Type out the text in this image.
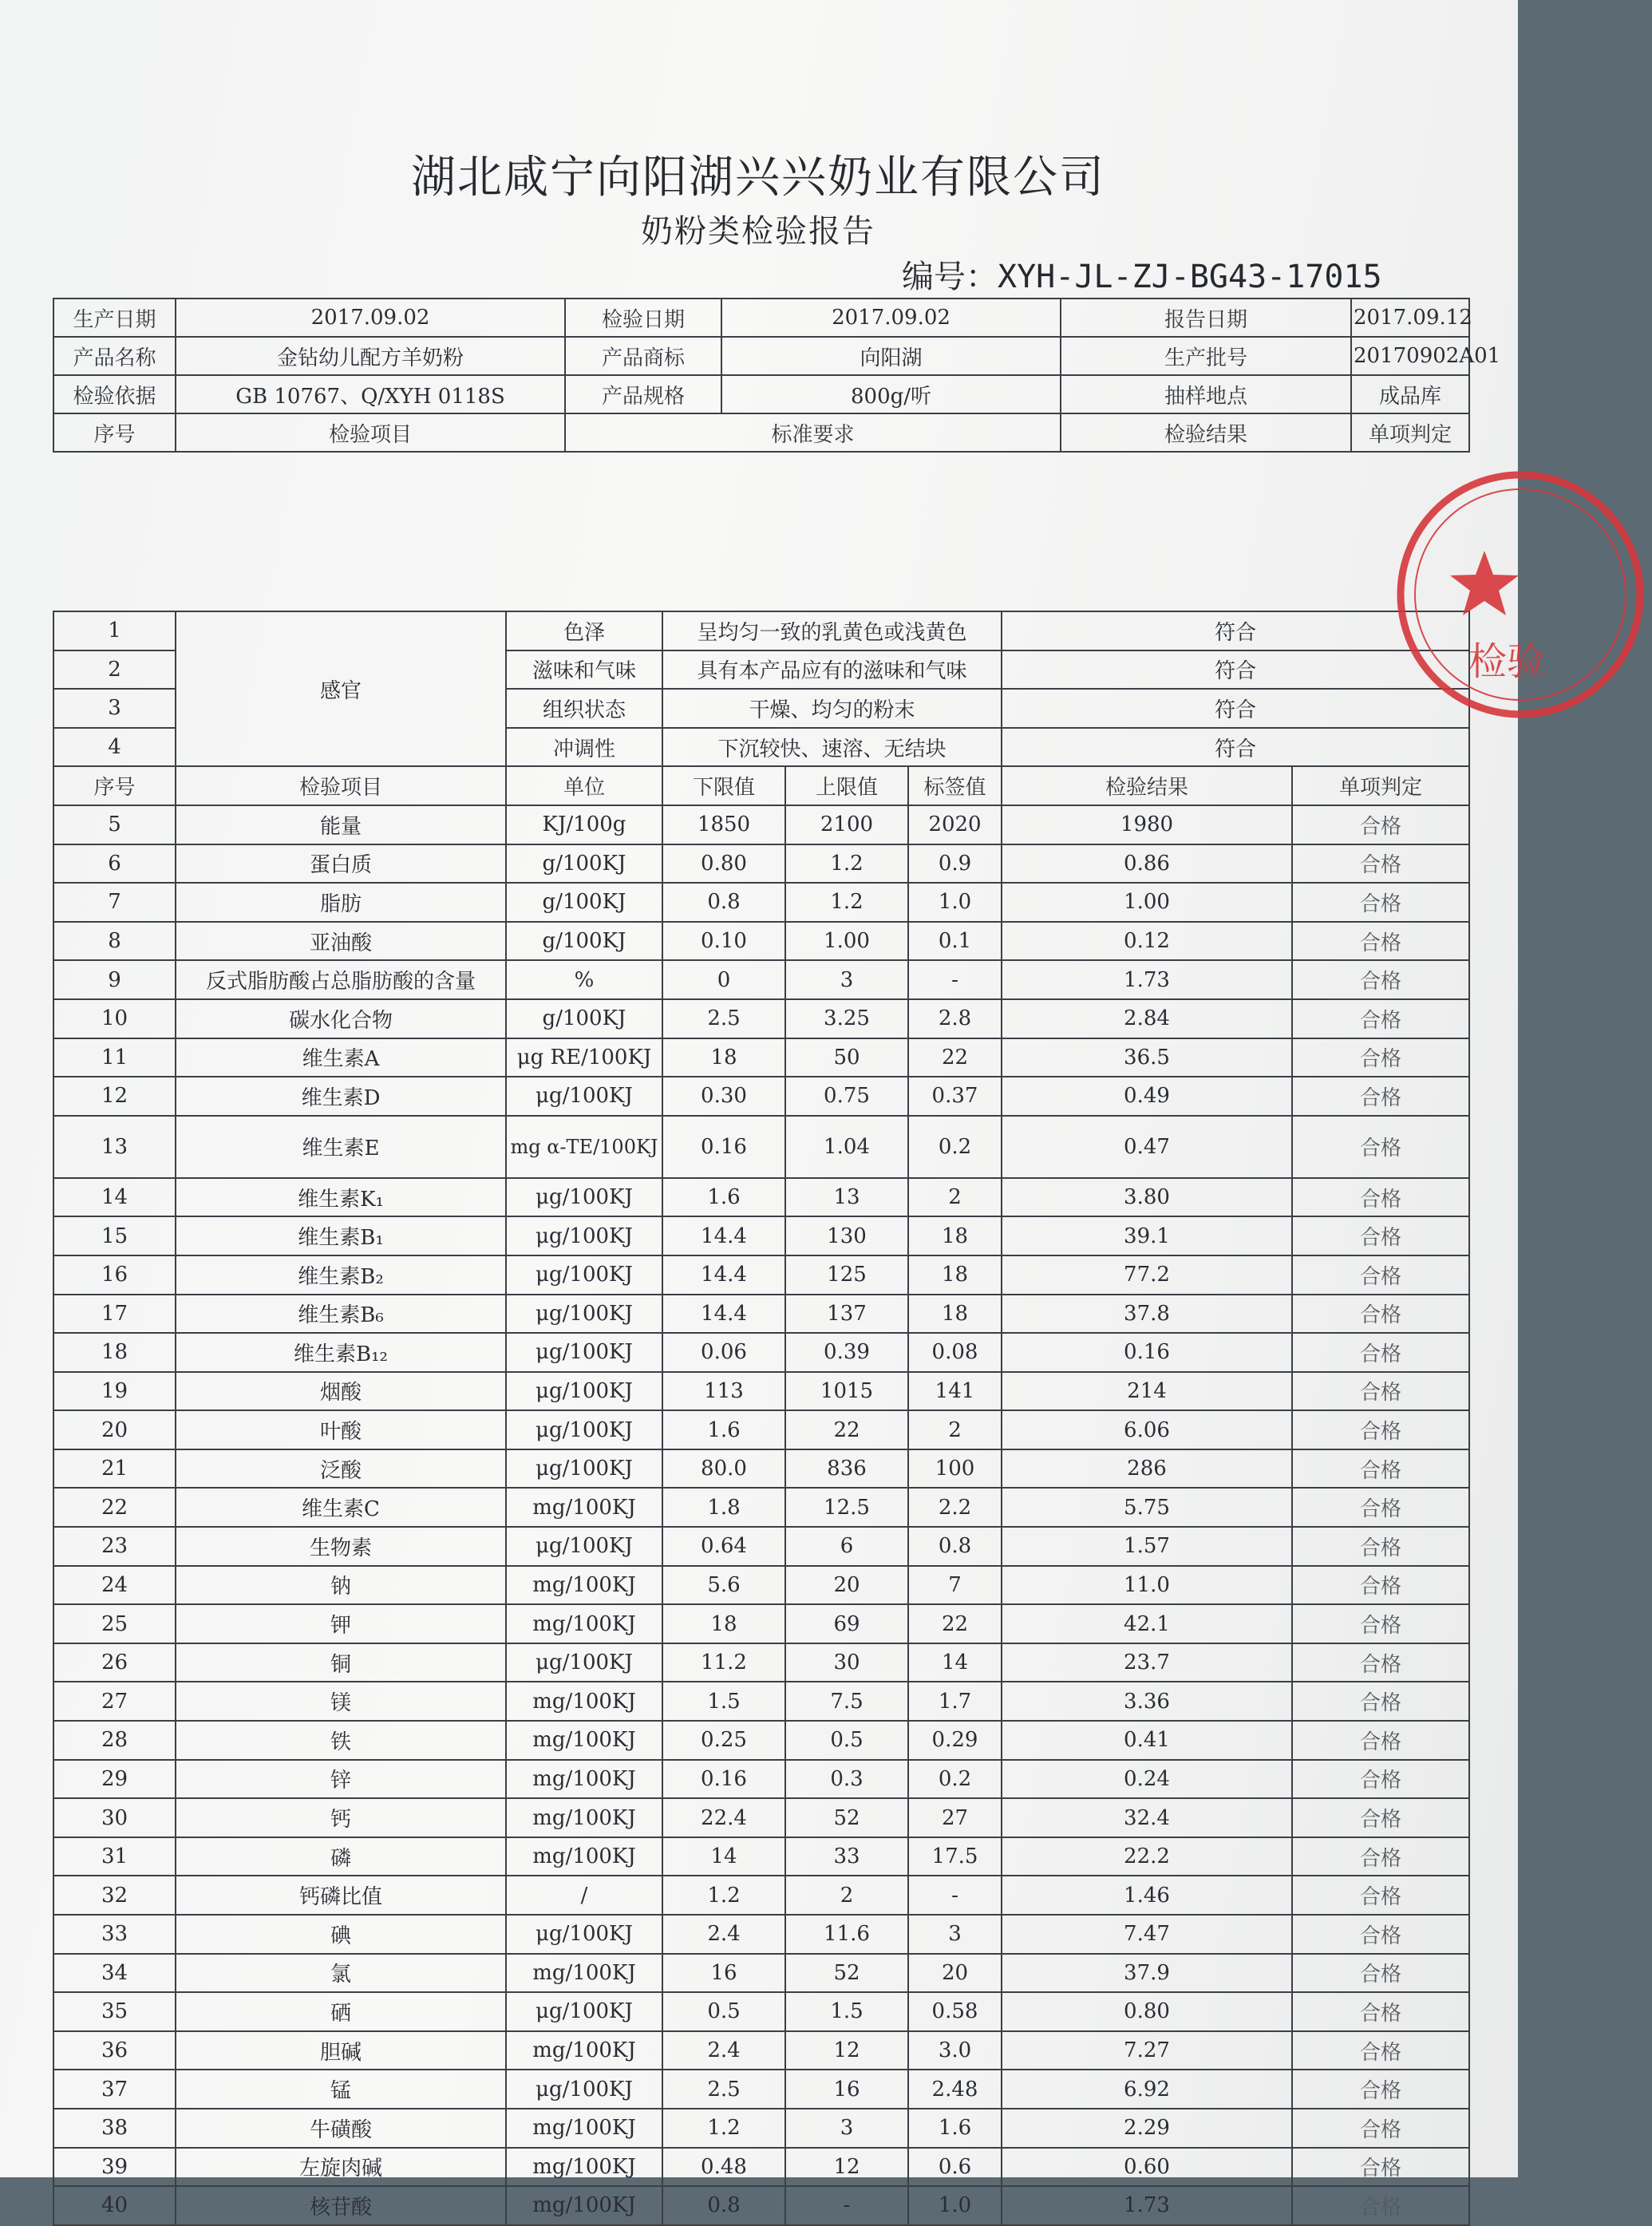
湖北咸宁向阳湖兴兴奶业有限公司
奶粉类检验报告
编号：XYH-JL-ZJ-BG43-17015
生产日期	2017.09.02	检验日期	2017.09.02	报告日期	2017.09.12
产品名称	金钻幼儿配方羊奶粉	产品商标	向阳湖	生产批号	20170902A01
检验依据	GB 10767、Q/XYH 0118S	产品规格	800g/听	抽样地点	成品库
序号	检验项目	标准要求		检验结果	单项判定
1	感官	色泽	呈均匀一致的乳黄色或浅黄色			符合	
2		滋味和气味	具有本产品应有的滋味和气味			符合	
3		组织状态	干燥、均匀的粉末			符合	
4		冲调性	下沉较快、速溶、无结块			符合	
序号	检验项目	单位	下限值	上限值	标签值	检验结果	单项判定	
5	能量	KJ/100g	1850	2100	2020	1980	合格	
6	蛋白质	g/100KJ	0.80	1.2	0.9	0.86	合格	
7	脂肪	g/100KJ	0.8	1.2	1.0	1.00	合格	
8	亚油酸	g/100KJ	0.10	1.00	0.1	0.12	合格	
9	反式脂肪酸占总脂肪酸的含量	%	0	3	-	1.73	合格	
10	碳水化合物	g/100KJ	2.5	3.25	2.8	2.84	合格	
11	维生素A	μg RE/100KJ	18	50	22	36.5	合格	
12	维生素D	μg/100KJ	0.30	0.75	0.37	0.49	合格	
13	维生素E	mg α-TE/100KJ	0.16	1.04	0.2	0.47	合格	
14	维生素K₁	μg/100KJ	1.6	13	2	3.80	合格	
15	维生素B₁	μg/100KJ	14.4	130	18	39.1	合格	
16	维生素B₂	μg/100KJ	14.4	125	18	77.2	合格	
17	维生素B₆	μg/100KJ	14.4	137	18	37.8	合格	
18	维生素B₁₂	μg/100KJ	0.06	0.39	0.08	0.16	合格	
19	烟酸	μg/100KJ	113	1015	141	214	合格	
20	叶酸	μg/100KJ	1.6	22	2	6.06	合格	
21	泛酸	μg/100KJ	80.0	836	100	286	合格	
22	维生素C	mg/100KJ	1.8	12.5	2.2	5.75	合格	
23	生物素	μg/100KJ	0.64	6	0.8	1.57	合格	
24	钠	mg/100KJ	5.6	20	7	11.0	合格	
25	钾	mg/100KJ	18	69	22	42.1	合格	
26	铜	μg/100KJ	11.2	30	14	23.7	合格	
27	镁	mg/100KJ	1.5	7.5	1.7	3.36	合格	
28	铁	mg/100KJ	0.25	0.5	0.29	0.41	合格	
29	锌	mg/100KJ	0.16	0.3	0.2	0.24	合格	
30	钙	mg/100KJ	22.4	52	27	32.4	合格	
31	磷	mg/100KJ	14	33	17.5	22.2	合格	
32	钙磷比值	/	1.2	2	-	1.46	合格	
33	碘	μg/100KJ	2.4	11.6	3	7.47	合格	
34	氯	mg/100KJ	16	52	20	37.9	合格	
35	硒	μg/100KJ	0.5	1.5	0.58	0.80	合格	
36	胆碱	mg/100KJ	2.4	12	3.0	7.27	合格	
37	锰	μg/100KJ	2.5	16	2.48	6.92	合格	
38	牛磺酸	mg/100KJ	1.2	3	1.6	2.29	合格	
39	左旋肉碱	mg/100KJ	0.48	12	0.6	0.60	合格	
40	核苷酸	mg/100KJ	0.8	-	1.0	1.73	合格	
检验
